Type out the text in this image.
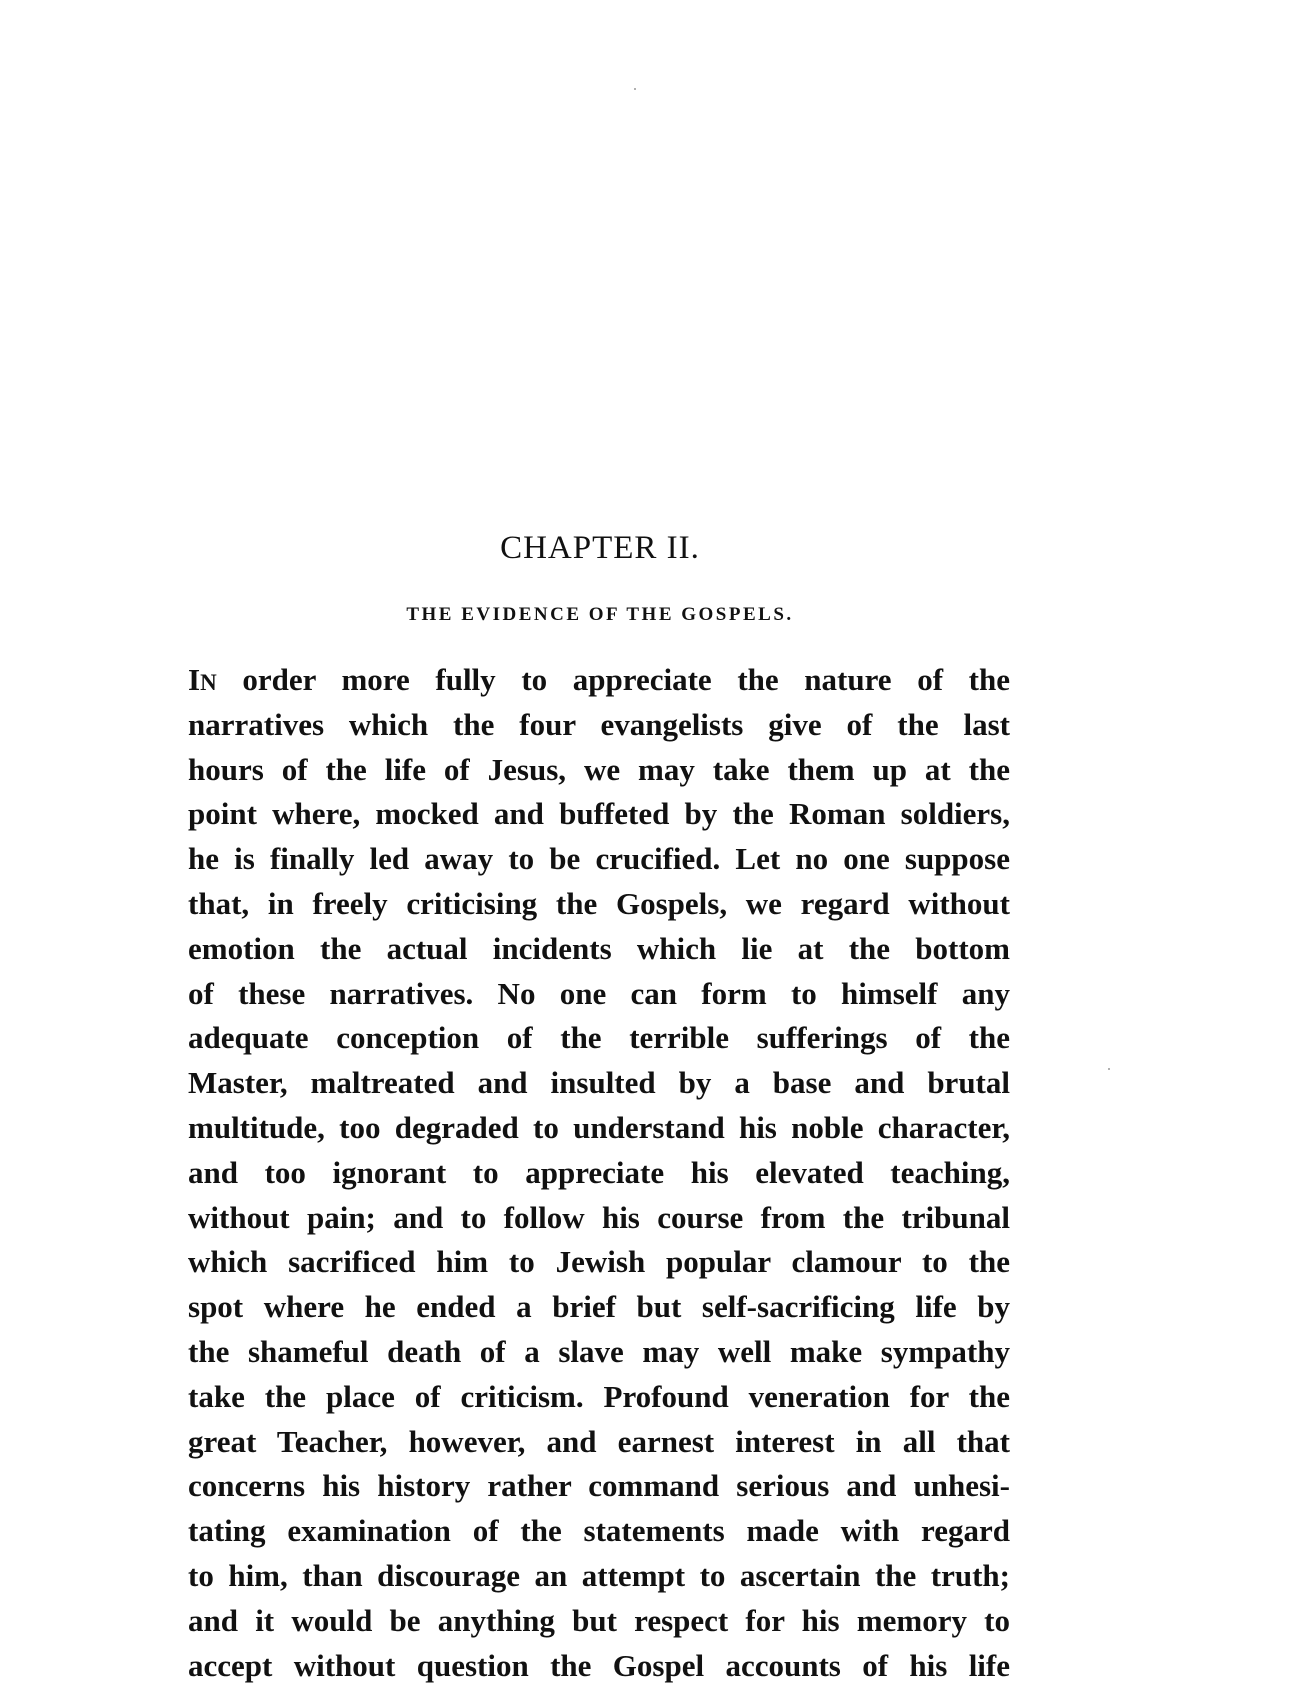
CHAPTER II.
THE EVIDENCE OF THE GOSPELS.
IN order more fully to appreciate the nature of the
narratives which the four evangelists give of the last
hours of the life of Jesus, we may take them up at the
point where, mocked and buffeted by the Roman soldiers,
he is finally led away to be crucified. Let no one suppose
that, in freely criticising the Gospels, we regard without
emotion the actual incidents which lie at the bottom
of these narratives. No one can form to himself any
adequate conception of the terrible sufferings of the
Master, maltreated and insulted by a base and brutal
multitude, too degraded to understand his noble character,
and too ignorant to appreciate his elevated teaching,
without pain; and to follow his course from the tribunal
which sacrificed him to Jewish popular clamour to the
spot where he ended a brief but self-sacrificing life by
the shameful death of a slave may well make sympathy
take the place of criticism. Profound veneration for the
great Teacher, however, and earnest interest in all that
concerns his history rather command serious and unhesi-
tating examination of the statements made with regard
to him, than discourage an attempt to ascertain the truth;
and it would be anything but respect for his memory to
accept without question the Gospel accounts of his life
